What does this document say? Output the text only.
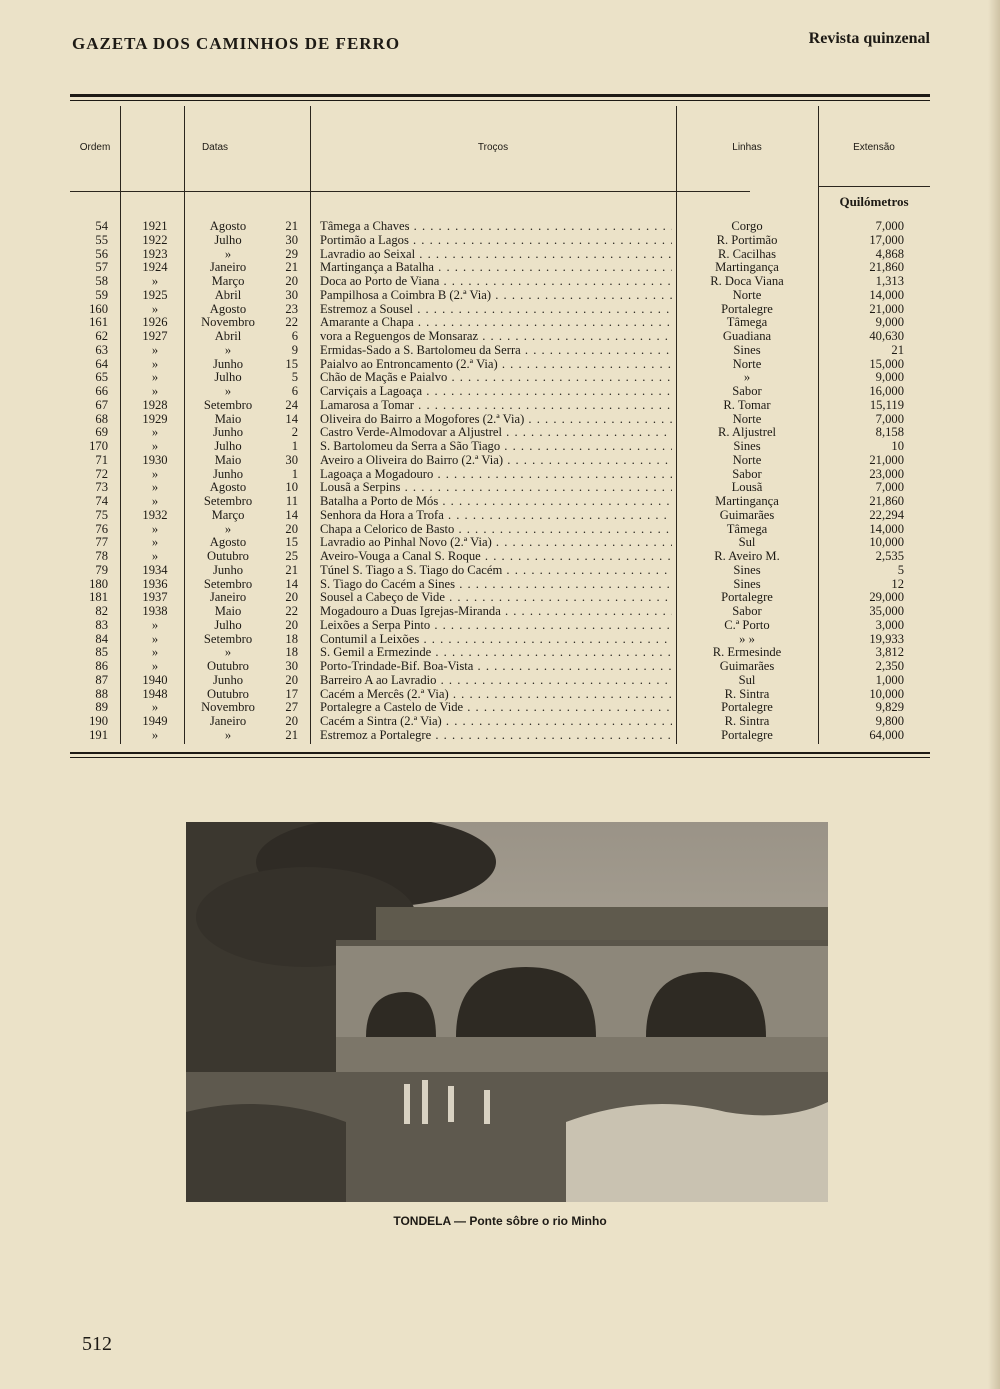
GAZETA DOS CAMINHOS DE FERRO	Revista quinzenal
Ordem	Datas	Troços	Linhas	Extensão
Quilómetros
54	1921	Agosto	21 Tâmega a Chaves . . .	Corgo	7,000
55	1922	Julho	30 Portimão a Lagos . . .	R. Portimão	17,000
56	1923	»	29 Lavradio ao Seixal . . .	R. Cacilhas	4,868
57	1924	Janeiro	21 Martingança a Batalha . . .	Martingança	21,860
58	»	Março	20 Doca ao Porto de Viana . . .	R. Doca Viana	1,313
59	1925	Abril	30 Pampilhosa a Coimbra B (2.ª Via) . . .	Norte	14,000
160	»	Agosto	23 Estremoz a Sousel . . .	Portalegre	21,000
161	1926	Novembro	22 Amarante a Chapa . . .	Tâmega	9,000
62	1927	Abril	6 vora a Reguengos de Monsaraz . . .	Guadiana	40,630
63	»	»	9 Ermidas-Sado a S. Bartolomeu da Serra . . .	Sines	21
64	»	Junho	15 Paialvo ao Entroncamento (2.ª Via) . . .	Norte	15,000
65	»	Julho	5 Chão de Maçãs e Paialvo . . .	»	9,000
66	»	»	6 Carviçais a Lagoaça . . .	Sabor	16,000
67	1928	Setembro	24 Lamarosa a Tomar . . .	R. Tomar	15,119
68	1929	Maio	14 Oliveira do Bairro a Mogofores (2.ª Via) . . .	Norte	7,000
69	»	Junho	2 Castro Verde-Almodovar a Aljustrel . . .	R. Aljustrel	8,158
170	»	Julho	1 S. Bartolomeu da Serra a São Tiago . . .	Sines	10
71	1930	Maio	30 Aveiro a Oliveira do Bairro (2.ª Via) . . .	Norte	21,000
72	»	Junho	1 Lagoaça a Mogadouro . . .	Sabor	23,000
73	»	Agosto	10 Lousã a Serpins . . .	Lousã	7,000
74	»	Setembro	11 Batalha a Porto de Mós . . .	Martingança	21,860
75	1932	Março	14 Senhora da Hora a Trofa . . .	Guimarães	22,294
76	»	»	20 Chapa a Celorico de Basto . . .	Tâmega	14,000
77	»	Agosto	15 Lavradio ao Pinhal Novo (2.ª Via) . . .	Sul	10,000
78	»	Outubro	25 Aveiro-Vouga a Canal S. Roque . . .	R. Aveiro M.	2,535
79	1934	Junho	21 Túnel S. Tiago a S. Tiago do Cacém . . .	Sines	5
180	1936	Setembro	14 S. Tiago do Cacém a Sines . . .	Sines	12
181	1937	Janeiro	20 Sousel a Cabeço de Vide . . .	Portalegre	29,000
82	1938	Maio	22 Mogadouro a Duas Igrejas-Miranda . . .	Sabor	35,000
83	»	Julho	20 Leixões a Serpa Pinto . . .	C.ª Porto	3,000
84	»	Setembro	18 Contumil a Leixões . . .	» »	19,933
85	»	»	18 S. Gemil a Ermezinde . . .	R. Ermesinde	3,812
86	»	Outubro	30 Porto-Trindade-Bif. Boa-Vista . . .	Guimarães	2,350
87	1940	Junho	20 Barreiro A ao Lavradio . . .	Sul	1,000
88	1948	Outubro	17 Cacém a Mercês (2.ª Via) . . .	R. Sintra	10,000
89	»	Novembro	27 Portalegre a Castelo de Vide . . .	Portalegre	9,829
190	1949	Janeiro	20 Cacém a Sintra (2.ª Via) . . .	R. Sintra	9,800
191	»	»	21 Estremoz a Portalegre . . .	Portalegre	64,000
TONDELA — Ponte sôbre o rio Minho
512
